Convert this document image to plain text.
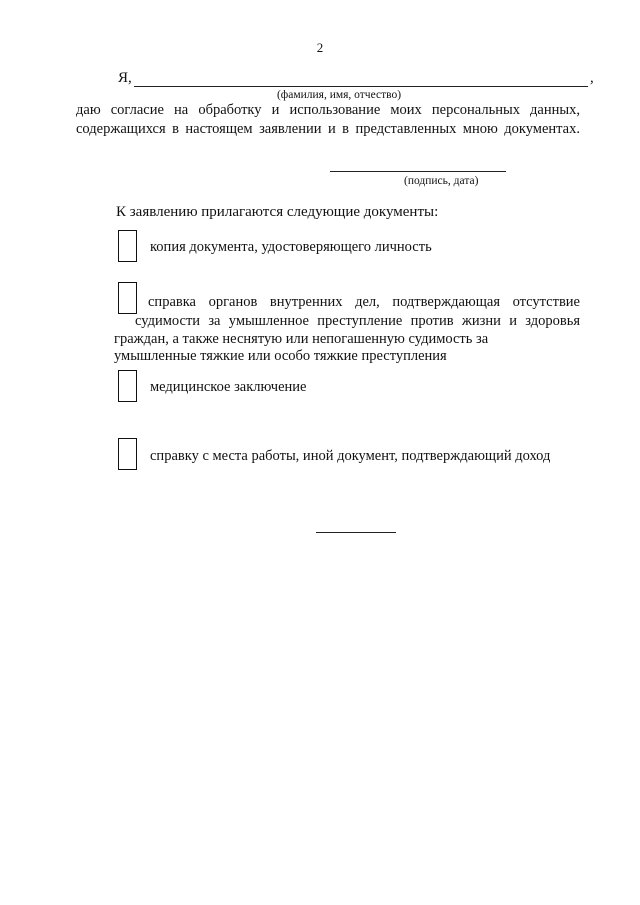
2
Я,	,
(фамилия, имя, отчество)
даю согласие на обработку и использование моих персональных данных,
содержащихся в настоящем заявлении и в представленных мною документах.
(подпись, дата)
К заявлению прилагаются следующие документы:
копия документа, удостоверяющего личность
справка органов внутренних дел, подтверждающая отсутствие
судимости за умышленное преступление против жизни и здоровья
граждан, а также неснятую или непогашенную судимость за
умышленные тяжкие или особо тяжкие преступления
медицинское заключение
справку с места работы, иной документ, подтверждающий доход
